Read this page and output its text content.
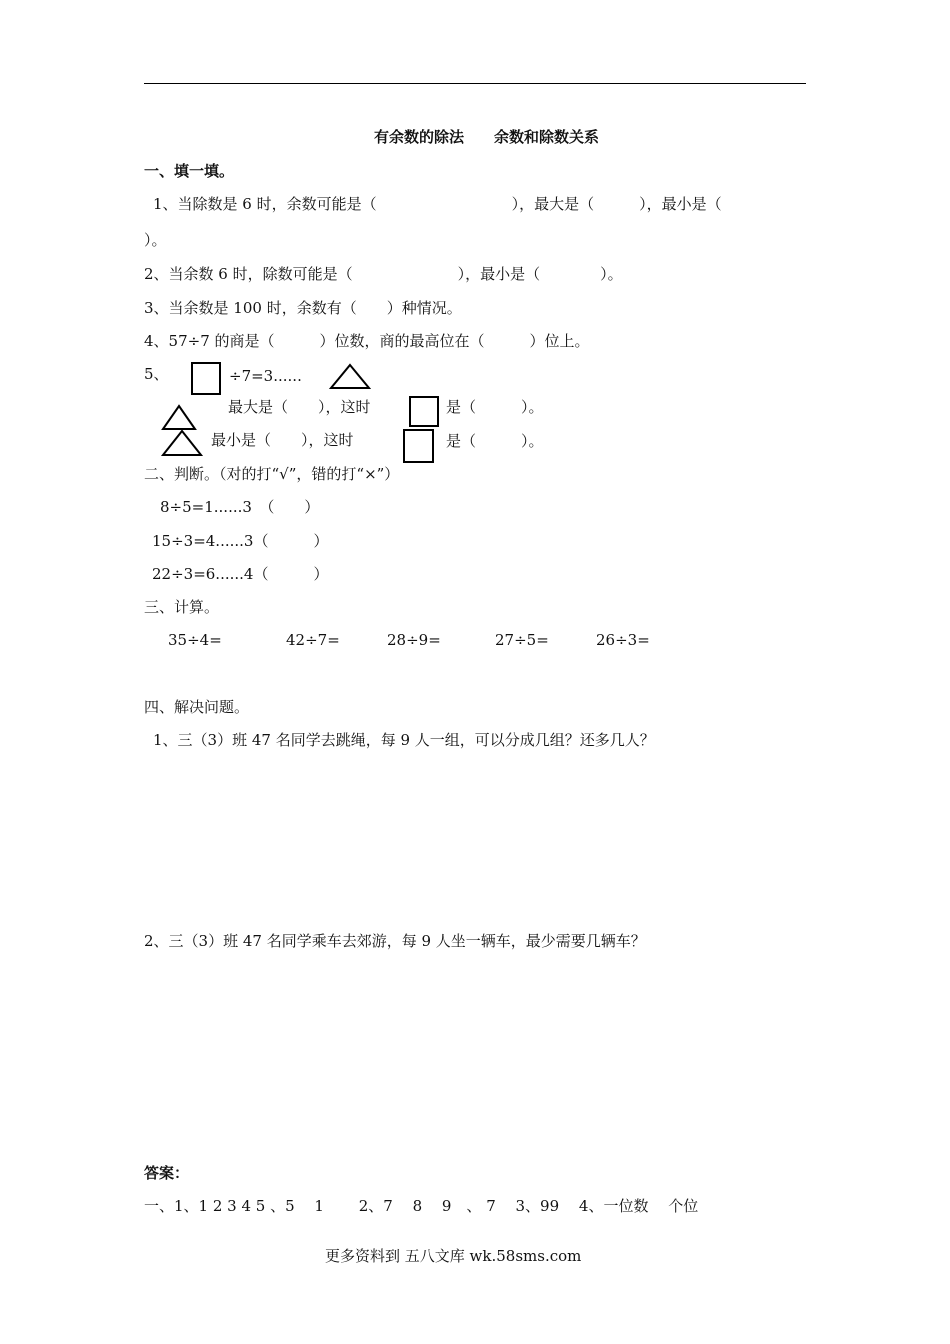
有余数的除法　　余数和除数关系
一、填一填。
1、当除数是 6 时，余数可能是（　　　　　　　　　），最大是（　　　），最小是（
）。
2、当余数 6 时，除数可能是（　　　　　　　），最小是（　　　　）。
3、当余数是 100 时，余数有（　　）种情况。
4、57÷7 的商是（　　　）位数，商的最高位在（　　　）位上。
5、	÷7=3......
最大是（　　），这时	是（　　　）。
最小是（　　），这时	是（　　　）。
二、判断。（对的打“√”，错的打“×”）
8÷5=1......3　（　　）
15÷3=4......3（　　　）
22÷3=6......4（　　　）
三、计算。
35÷4=	42÷7=	28÷9=	27÷5=	26÷3=
四、解决问题。
1、三（3）班 47 名同学去跳绳，每 9 人一组，可以分成几组？还多几人？
2、三（3）班 47 名同学乘车去郊游，每 9 人坐一辆车，最少需要几辆车？
答案：
一、1、1 2 3 4 5 、5　 1　　 2、7　 8　 9　、 7　 3、99　 4、一位数　 个位
更多资料到 五八文库 wk.58sms.com
